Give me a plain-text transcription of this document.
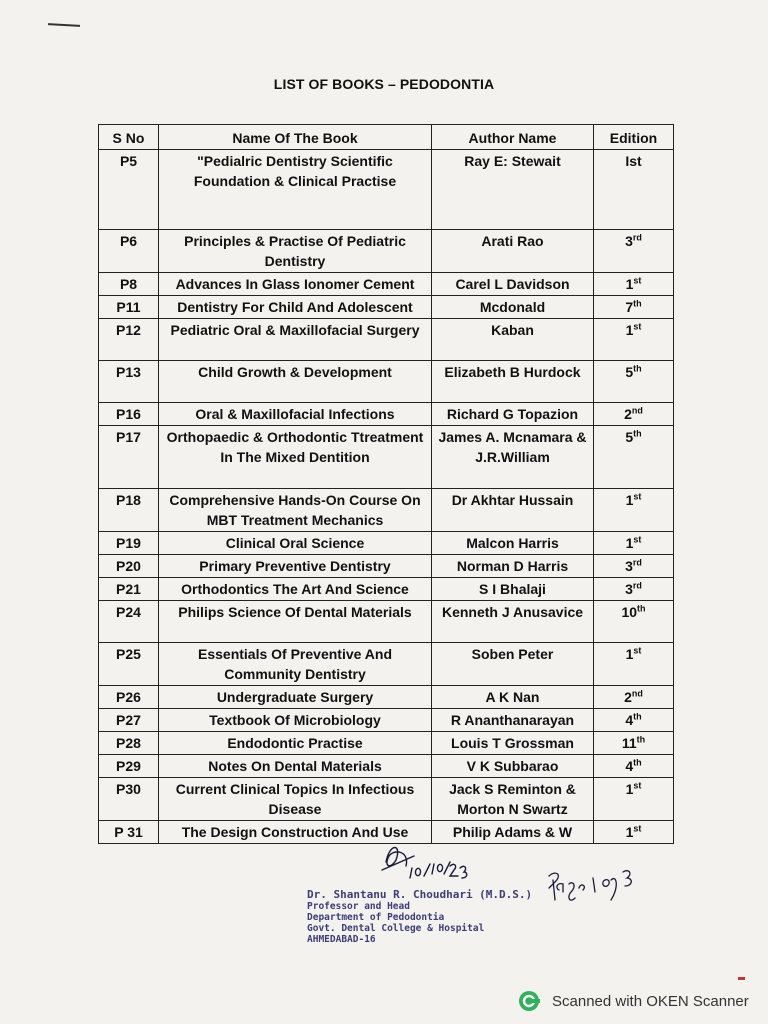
LIST OF BOOKS – PEDODONTIA
S No	Name Of The Book	Author Name	Edition
P5	"Pedialric Dentistry Scientific Foundation & Clinical Practise	Ray E: Stewait	Ist
P6	Principles & Practise Of Pediatric Dentistry	Arati Rao	3rd
P8	Advances In Glass Ionomer Cement	Carel L Davidson	1st
P11	Dentistry For Child And Adolescent	Mcdonald	7th
P12	Pediatric Oral & Maxillofacial Surgery	Kaban	1st
P13	Child Growth & Development	Elizabeth B Hurdock	5th
P16	Oral & Maxillofacial Infections	Richard G Topazion	2nd
P17	Orthopaedic & Orthodontic Ttreatment In The Mixed Dentition	James A. Mcnamara & J.R.William	5th
P18	Comprehensive Hands-On Course On MBT Treatment Mechanics	Dr Akhtar Hussain	1st
P19	Clinical Oral Science	Malcon Harris	1st
P20	Primary Preventive Dentistry	Norman D Harris	3rd
P21	Orthodontics The Art And Science	S I Bhalaji	3rd
P24	Philips Science Of Dental Materials	Kenneth J Anusavice	10th
P25	Essentials Of Preventive And Community Dentistry	Soben Peter	1st
P26	Undergraduate Surgery	A K Nan	2nd
P27	Textbook Of Microbiology	R Ananthanarayan	4th
P28	Endodontic Practise	Louis T Grossman	11th
P29	Notes On Dental Materials	V K Subbarao	4th
P30	Current Clinical Topics In Infectious Disease	Jack S Reminton & Morton N Swartz	1st
P 31	The Design Construction And Use	Philip Adams & W	1st
Dr. Shantanu R. Choudhari (M.D.S.)
Professor and Head
Department of Pedodontia
Govt. Dental College & Hospital
AHMEDABAD-16
Scanned with OKEN Scanner
